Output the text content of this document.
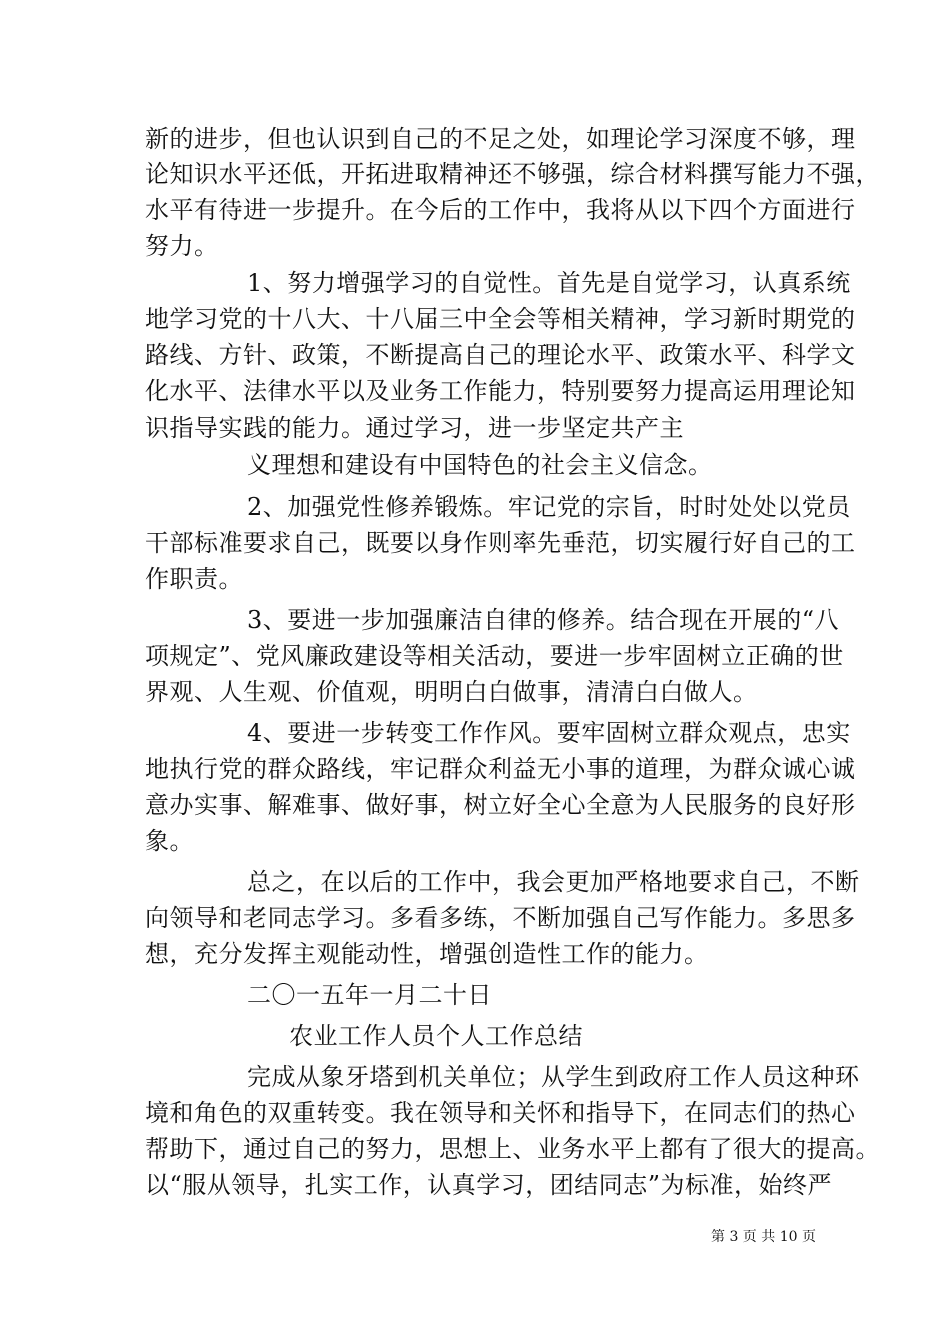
新的进步，但也认识到自己的不足之处，如理论学习深度不够，理
论知识水平还低，开拓进取精神还不够强，综合材料撰写能力不强，
水平有待进一步提升。在今后的工作中，我将从以下四个方面进行
努力。
1、努力增强学习的自觉性。首先是自觉学习，认真系统
地学习党的十八大、十八届三中全会等相关精神，学习新时期党的
路线、方针、政策，不断提高自己的理论水平、政策水平、科学文
化水平、法律水平以及业务工作能力，特别要努力提高运用理论知
识指导实践的能力。通过学习，进一步坚定共产主
义理想和建设有中国特色的社会主义信念。
2、加强党性修养锻炼。牢记党的宗旨，时时处处以党员
干部标准要求自己，既要以身作则率先垂范，切实履行好自己的工
作职责。
3、要进一步加强廉洁自律的修养。结合现在开展的“八
项规定”、党风廉政建设等相关活动，要进一步牢固树立正确的世
界观、人生观、价值观，明明白白做事，清清白白做人。
4、要进一步转变工作作风。要牢固树立群众观点，忠实
地执行党的群众路线，牢记群众利益无小事的道理，为群众诚心诚
意办实事、解难事、做好事，树立好全心全意为人民服务的良好形
象。
总之，在以后的工作中，我会更加严格地要求自己，不断
向领导和老同志学习。多看多练，不断加强自己写作能力。多思多
想，充分发挥主观能动性，增强创造性工作的能力。
二〇一五年一月二十日
农业工作人员个人工作总结
完成从象牙塔到机关单位；从学生到政府工作人员这种环
境和角色的双重转变。我在领导和关怀和指导下，在同志们的热心
帮助下，通过自己的努力，思想上、业务水平上都有了很大的提高。
以“服从领导，扎实工作，认真学习，团结同志”为标准，始终严
第 3 页 共 10 页
